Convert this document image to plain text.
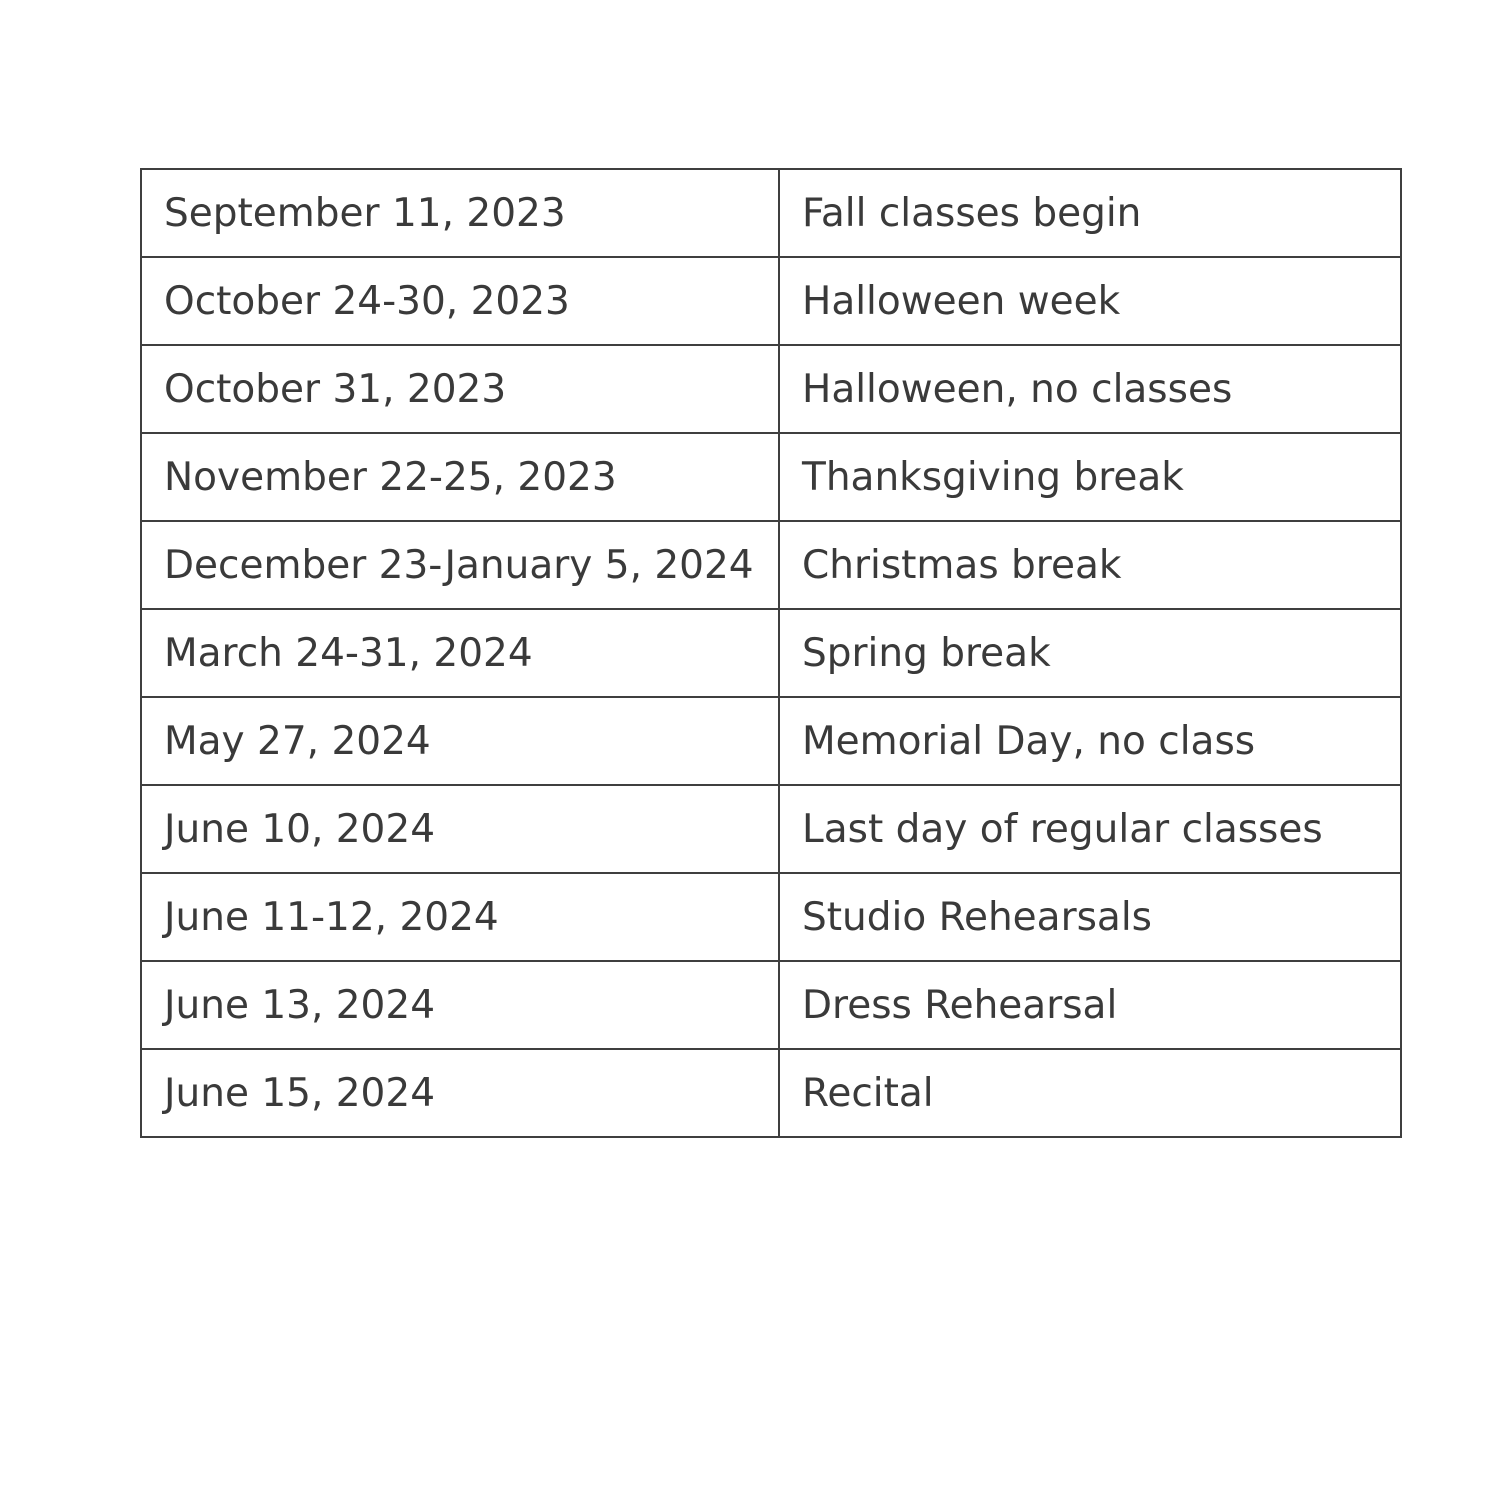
September 11, 2023	Fall classes begin
October 24-30, 2023	Halloween week
October 31, 2023	Halloween, no classes
November 22-25, 2023	Thanksgiving break
December 23-January 5, 2024	Christmas break
March 24-31, 2024	Spring break
May 27, 2024	Memorial Day, no class
June 10, 2024	Last day of regular classes
June 11-12, 2024	Studio Rehearsals
June 13, 2024	Dress Rehearsal
June 15, 2024	Recital
